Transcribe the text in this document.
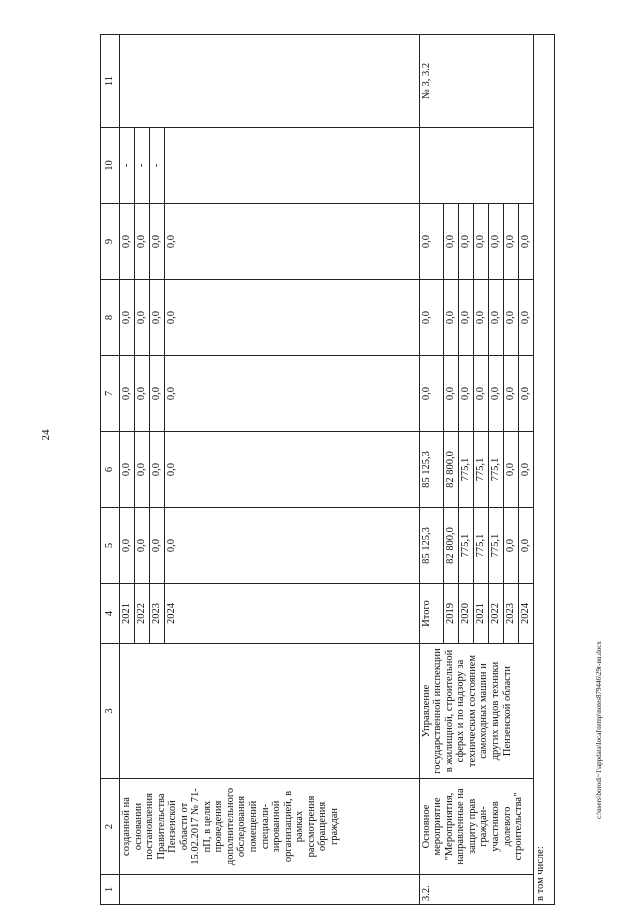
24
1	2	3	4	5	6	7	8	9	10	11
	созданной на основании постановления Правительства Пензенской области от 15.02.2017 № 71-пП, в целях проведения дополнительного обследования помещений специали- зированной организацией, в рамках рассмотрения обращения граждан		2021	0,0	0,0	0,0	0,0	0,0	-	
			2022	0,0	0,0	0,0	0,0	0,0	-	
			2023	0,0	0,0	0,0	0,0	0,0	-	
			2024	0,0	0,0	0,0	0,0	0,0		
3.2.	Основное мероприятие "Мероприятия, направленные на защиту прав граждан-участников долевого строительства"	Управление государственной инспекции в жилищной, строительной сферах и по надзору за техническим состоянием самоходных машин и других видов техники Пензенской области	Итого	85 125,3	85 125,3	0,0	0,0	0,0		№ 3, 3.2
			2019	82 800,0	82 800,0	0,0	0,0	0,0		
			2020	775,1	775,1	0,0	0,0	0,0		
			2021	775,1	775,1	0,0	0,0	0,0		
			2022	775,1	775,1	0,0	0,0	0,0		
			2023	0,0	0,0	0,0	0,0	0,0		
			2024	0,0	0,0	0,0	0,0	0,0		
в том числе:										
c:\users\borodi~1\appdata\local\temp\notes879446\29r-nu.docx
